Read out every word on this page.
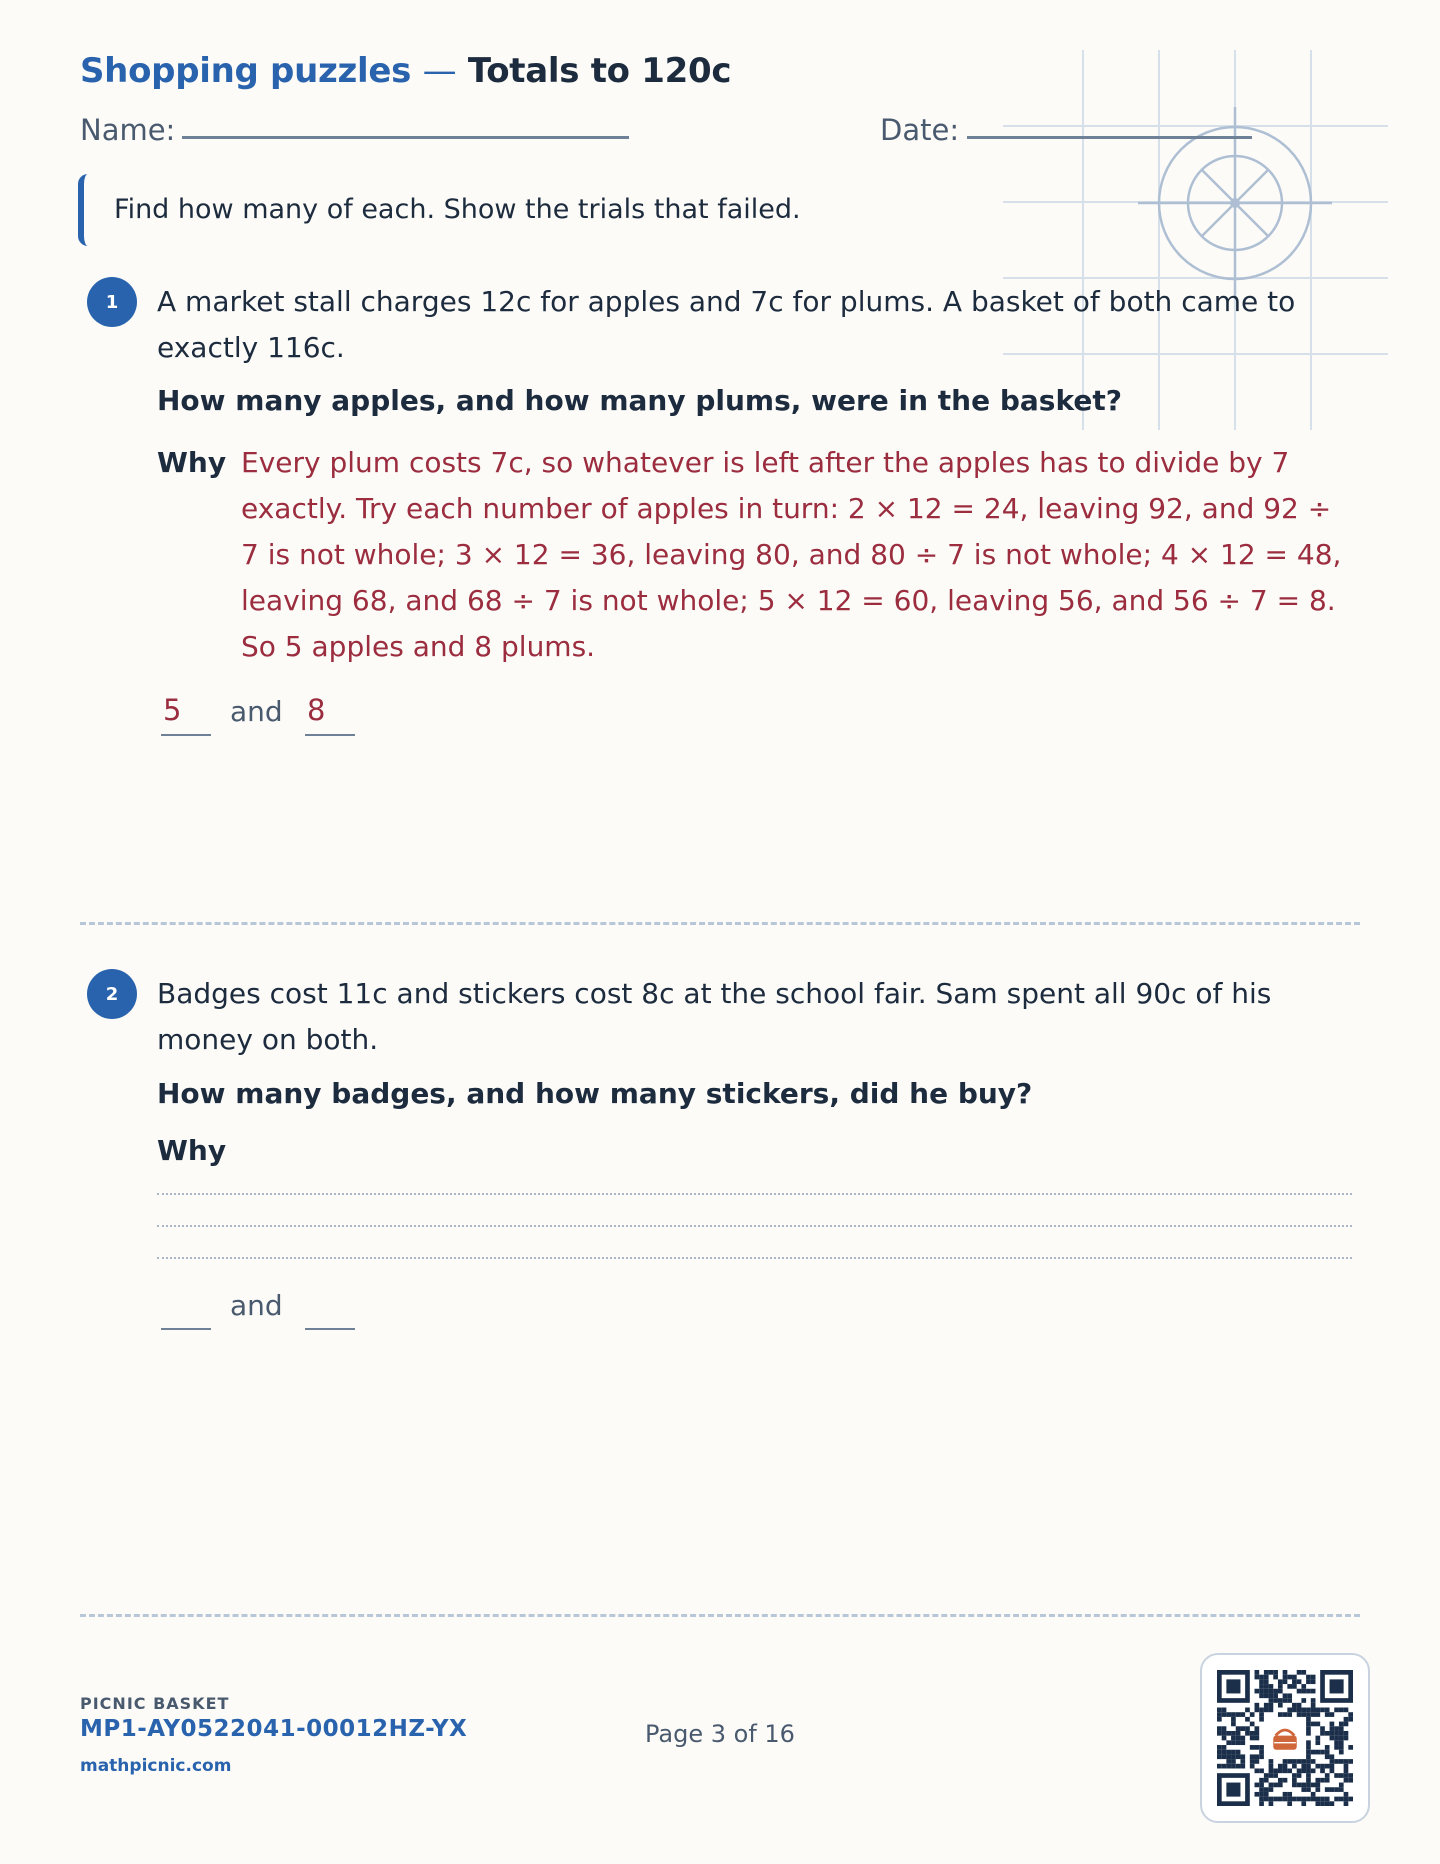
Shopping puzzles — Totals to 120c
Name:	Date:
Find how many of each. Show the trials that failed.
1	A market stall charges 12c for apples and 7c for plums. A basket of both came to exactly 116c.

How many apples, and how many plums, were in the basket?

Why Every plum costs 7c, so whatever is left after the apples has to divide by 7 exactly. Try each number of apples in turn: 2 × 12 = 24, leaving 92, and 92 ÷ 7 is not whole; 3 × 12 = 36, leaving 80, and 80 ÷ 7 is not whole; 4 × 12 = 48, leaving 68, and 68 ÷ 7 is not whole; 5 × 12 = 60, leaving 56, and 56 ÷ 7 = 8. So 5 apples and 8 plums.

5	and 8
2	Badges cost 11c and stickers cost 8c at the school fair. Sam spent all 90c of his money on both.

How many badges, and how many stickers, did he buy?

Why
and
PICNIC BASKET
MP1-AY0522041-00012HZ-YX
mathpicnic.com
Page 3 of 16
